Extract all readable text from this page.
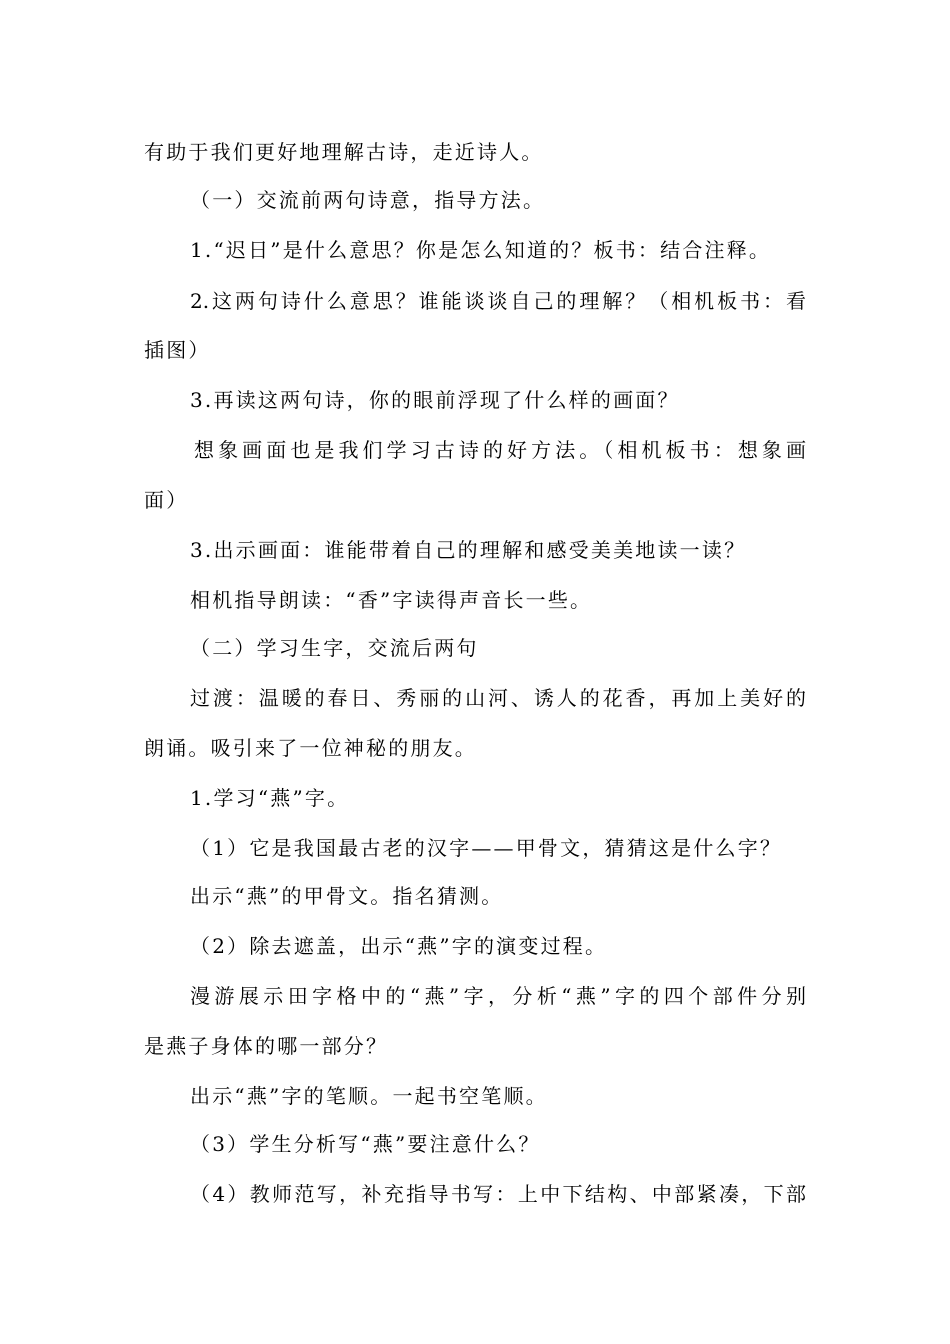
有助于我们更好地理解古诗，走近诗人。
（一）交流前两句诗意，指导方法。
1.“迟日”是什么意思？你是怎么知道的？板书：结合注释。
2.这两句诗什么意思？谁能谈谈自己的理解？（相机板书：看
插图）
3.再读这两句诗，你的眼前浮现了什么样的画面？
想象画面也是我们学习古诗的好方法。（相机板书：想象画
面）
3.出示画面：谁能带着自己的理解和感受美美地读一读？
相机指导朗读：“香”字读得声音长一些。
（二）学习生字，交流后两句
过渡：温暖的春日、秀丽的山河、诱人的花香，再加上美好的
朗诵。吸引来了一位神秘的朋友。
1.学习“燕”字。
（1）它是我国最古老的汉字——甲骨文，猜猜这是什么字？
出示“燕”的甲骨文。指名猜测。
（2）除去遮盖，出示“燕”字的演变过程。
漫游展示田字格中的“燕”字，分析“燕”字的四个部件分别
是燕子身体的哪一部分？
出示“燕”字的笔顺。一起书空笔顺。
（3）学生分析写“燕”要注意什么？
（4）教师范写，补充指导书写：上中下结构、中部紧凑，下部
